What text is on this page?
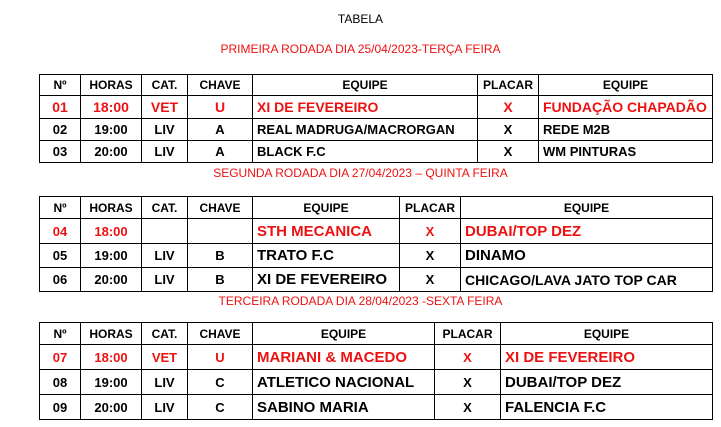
TABELA
PRIMEIRA RODADA DIA 25/04/2023-TERÇA FEIRA
Nº	HORAS	CAT.	CHAVE	EQUIPE	PLACAR	EQUIPE
01	18:00	VET	U	XI DE FEVEREIRO	X	FUNDAÇÃO CHAPADÃO
02	19:00	LIV	A	REAL MADRUGA/MACRORGAN	X	REDE M2B
03	20:00	LIV	A	BLACK F.C	X	WM PINTURAS
SEGUNDA RODADA DIA 27/04/2023 – QUINTA FEIRA
Nº	HORAS	CAT.	CHAVE	EQUIPE	PLACAR	EQUIPE
04	18:00			STH MECANICA	X	DUBAI/TOP DEZ
05	19:00	LIV	B	TRATO F.C	X	DINAMO
06	20:00	LIV	B	XI DE FEVEREIRO	X	CHICAGO/LAVA JATO TOP CAR
TERCEIRA RODADA DIA 28/04/2023 -SEXTA FEIRA
Nº	HORAS	CAT.	CHAVE	EQUIPE	PLACAR	EQUIPE
07	18:00	VET	U	MARIANI & MACEDO	X	XI DE FEVEREIRO
08	19:00	LIV	C	ATLETICO NACIONAL	X	DUBAI/TOP DEZ
09	20:00	LIV	C	SABINO MARIA	X	FALENCIA F.C
